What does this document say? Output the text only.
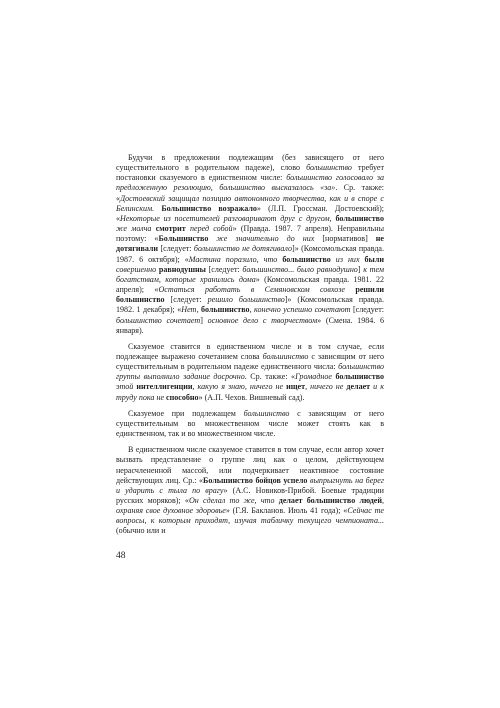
Будучи в предложении подлежащим (без зависящего от него существительного в родительном падеже), слово большинство требует постановки сказуемого в единственном числе: большинство голосовало за предложенную резолюцию, большинство высказалось «за». Ср. также: «Достоевский защищал позицию автономного творчества, как и в споре с Белинским. Большинство возражало» (Л.П. Гроссман. Достоевский); «Некоторые из посетителей разговаривают друг с другом, большинство же молча смотрит перед собой» (Правда. 1987. 7 апреля). Неправильны поэтому: «Большинство же значительно до них [нормативов] не дотягивали [следует: большинство не дотягивало]» (Комсомольская правда. 1987. 6 октября); «Мастина поразило, что большинство из них были совершенно равнодушны [следует: большинство... было равнодушно] к тем богатствам, которые хранились дома» (Комсомольская правда. 1981. 22 апреля); «Остаться работать в Семяновском совхозе решили большинство [следует: решило большинство]» (Комсомольская правда. 1982. 1 декабря); «Нет, большинство, конечно успешно сочетают [следует: большинство сочетает] основное дело с творчеством» (Смена. 1984. 6 января).

Сказуемое ставится в единственном числе и в том случае, если подлежащее выражено сочетанием слова большинство с зависящим от него существительным в родительном падеже единственного числа: большинство группы выполнило задание досрочно. Ср. также: «Громадное большинство этой интеллигенции, какую я знаю, ничего не ищет, ничего не делает и к труду пока не способно» (А.П. Чехов. Вишневый сад).

Сказуемое при подлежащем большинство с зависящим от него существительным во множественном числе может стоять как в единственном, так и во множественном числе.

В единственном числе сказуемое ставится в том случае, если автор хочет вызвать представление о группе лиц как о целом, действующем нерасчлененной массой, или подчеркивает неактивное состояние действующих лиц. Ср.: «Большинство бойцов успело выпрыгнуть на берег и ударить с тыла по врагу» (А.С. Новиков-Прибой. Боевые традиции русских моряков); «Он сделал то же, что делает большинство людей, охраняя свое духовное здоровье» (Г.Я. Бакланов. Июль 41 года); «Сейчас те вопросы, к которым приходят, изучая табличку текущего чемпионата... (обычно или и

48
